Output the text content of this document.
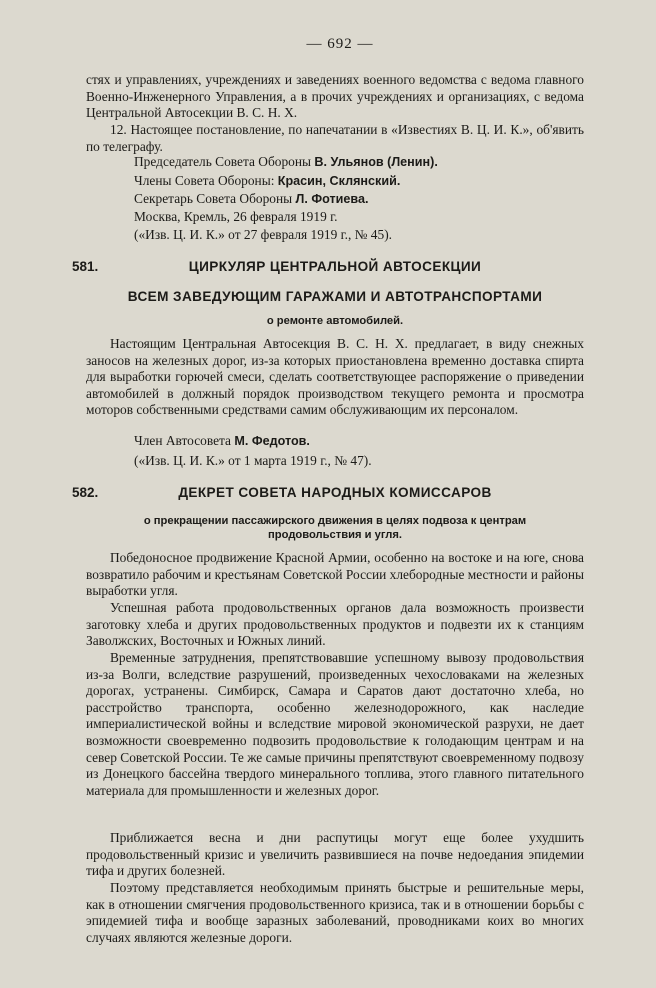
— 692 —

стях и управлениях, учреждениях и заведениях военного ведомства с ведома главного Военно-Инженерного Управления, а в прочих учреждениях и организациях, с ведома Центральной Автосекции В. С. Н. Х.

12. Настоящее постановление, по напечатании в «Известиях В. Ц. И. К.», об'явить по телеграфу.

Председатель Совета Обороны В. Ульянов (Ленин).
Члены Совета Обороны: Красин, Склянский.
Секретарь Совета Обороны Л. Фотиева.
Москва, Кремль, 26 февраля 1919 г.
(«Изв. Ц. И. К.» от 27 февраля 1919 г., № 45).
581.	ЦИРКУЛЯР ЦЕНТРАЛЬНОЙ АВТОСЕКЦИИ
ВСЕМ ЗАВЕДУЮЩИМ ГАРАЖАМИ И АВТОТРАНСПОРТАМИ
о ремонте автомобилей.

Настоящим Центральная Автосекция В. С. Н. Х. предлагает, в виду снежных заносов на железных дорог, из-за которых приостановлена временно доставка спирта для выработки горючей смеси, сделать соответствующее распоряжение о приведении автомобилей в должный порядок производством текущего ремонта и просмотра моторов собственными средствами самим обслуживающим их персоналом.

Член Автосовета М. Федотов.
(«Изв. Ц. И. К.» от 1 марта 1919 г., № 47).
582.	ДЕКРЕТ СОВЕТА НАРОДНЫХ КОМИССАРОВ
о прекращении пассажирского движения в целях подвоза к центрам
продовольствия и угля.

Победоносное продвижение Красной Армии, особенно на востоке и на юге, снова возвратило рабочим и крестьянам Советской России хлебородные местности и районы выработки угля.

Успешная работа продовольственных органов дала возможность произвести заготовку хлеба и других продовольственных продуктов и подвезти их к станциям Заволжских, Восточных и Южных линий.

Временные затруднения, препятствовавшие успешному вывозу продовольствия из-за Волги, вследствие разрушений, произведенных чехословаками на железных дорогах, устранены. Симбирск, Самара и Саратов дают достаточно хлеба, но расстройство транспорта, особенно железнодорожного, как наследие империалистической войны и вследствие мировой экономической разрухи, не дает возможности своевременно подвозить продовольствие к голодающим центрам и на север Советской России. Те же самые причины препятствуют своевременному подвозу из Донецкого бассейна твердого минерального топлива, этого главного питательного материала для промышленности и железных дорог.

Приближается весна и дни распутицы могут еще более ухудшить продовольственный кризис и увеличить развившиеся на почве недоедания эпидемии тифа и других болезней.

Поэтому представляется необходимым принять быстрые и решительные меры, как в отношении смягчения продовольственного кризиса, так и в отношении борьбы с эпидемией тифа и вообще заразных заболеваний, проводниками коих во многих случаях являются железные дороги.
